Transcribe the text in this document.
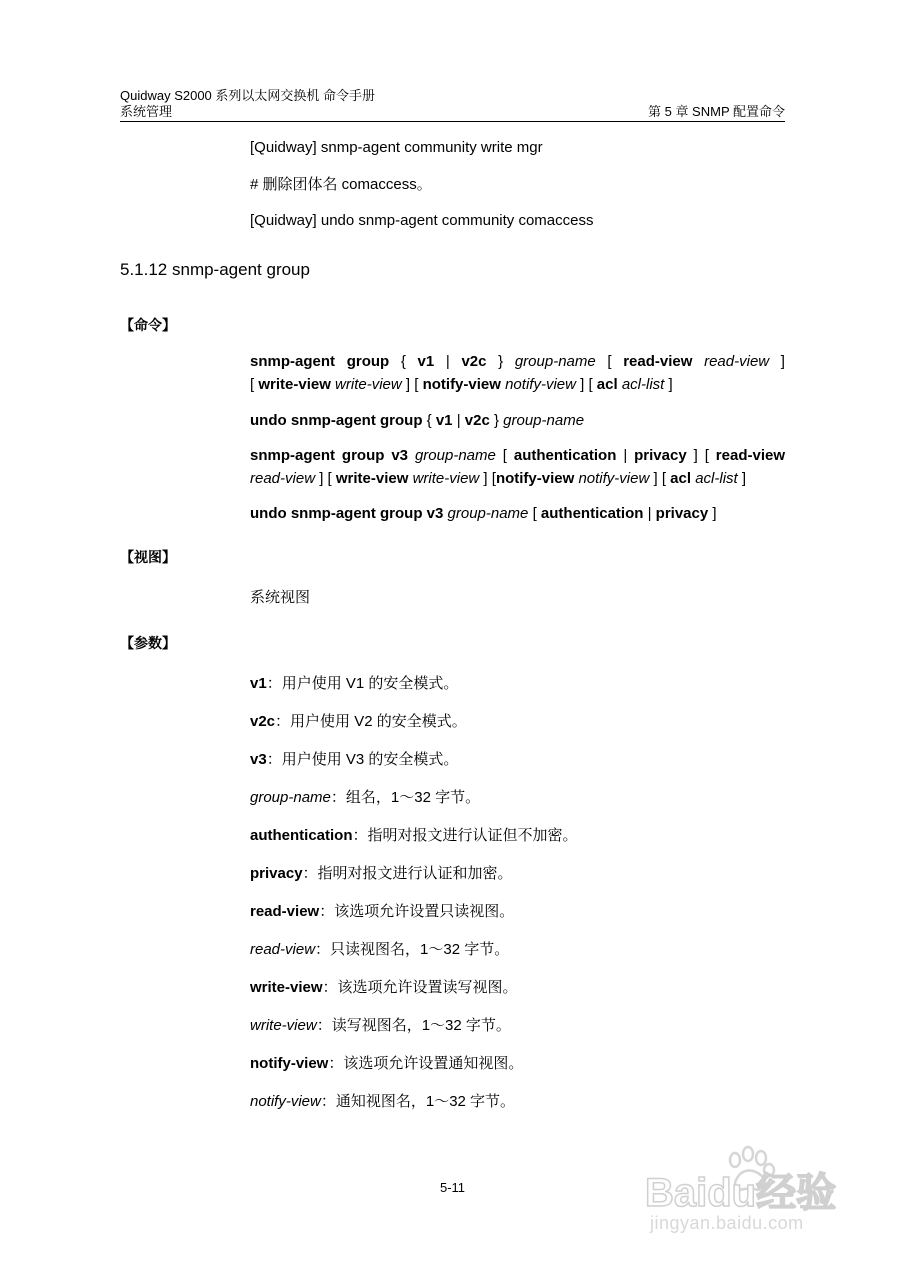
Quidway S2000 系列以太网交换机 命令手册
系统管理	第 5 章 SNMP 配置命令
[Quidway] snmp-agent community write mgr
# 删除团体名 comaccess。
[Quidway] undo snmp-agent community comaccess
5.1.12 snmp-agent group
【命令】
snmp-agent group { v1 | v2c } group-name [ read-view read-view ]
[ write-view write-view ] [ notify-view notify-view ] [ acl acl-list ]
undo snmp-agent group { v1 | v2c } group-name
snmp-agent group v3 group-name [ authentication | privacy ] [ read-view
read-view ] [ write-view write-view ] [notify-view notify-view ] [ acl acl-list ]
undo snmp-agent group v3 group-name [ authentication | privacy ]
【视图】
系统视图
【参数】
v1：用户使用 V1 的安全模式。
v2c：用户使用 V2 的安全模式。
v3：用户使用 V3 的安全模式。
group-name：组名，1～32 字节。
authentication：指明对报文进行认证但不加密。
privacy：指明对报文进行认证和加密。
read-view：该选项允许设置只读视图。
read-view：只读视图名，1～32 字节。
write-view：该选项允许设置读写视图。
write-view：读写视图名，1～32 字节。
notify-view：该选项允许设置通知视图。
notify-view：通知视图名，1～32 字节。
5-11	Baidu经验
jingyan.baidu.com
